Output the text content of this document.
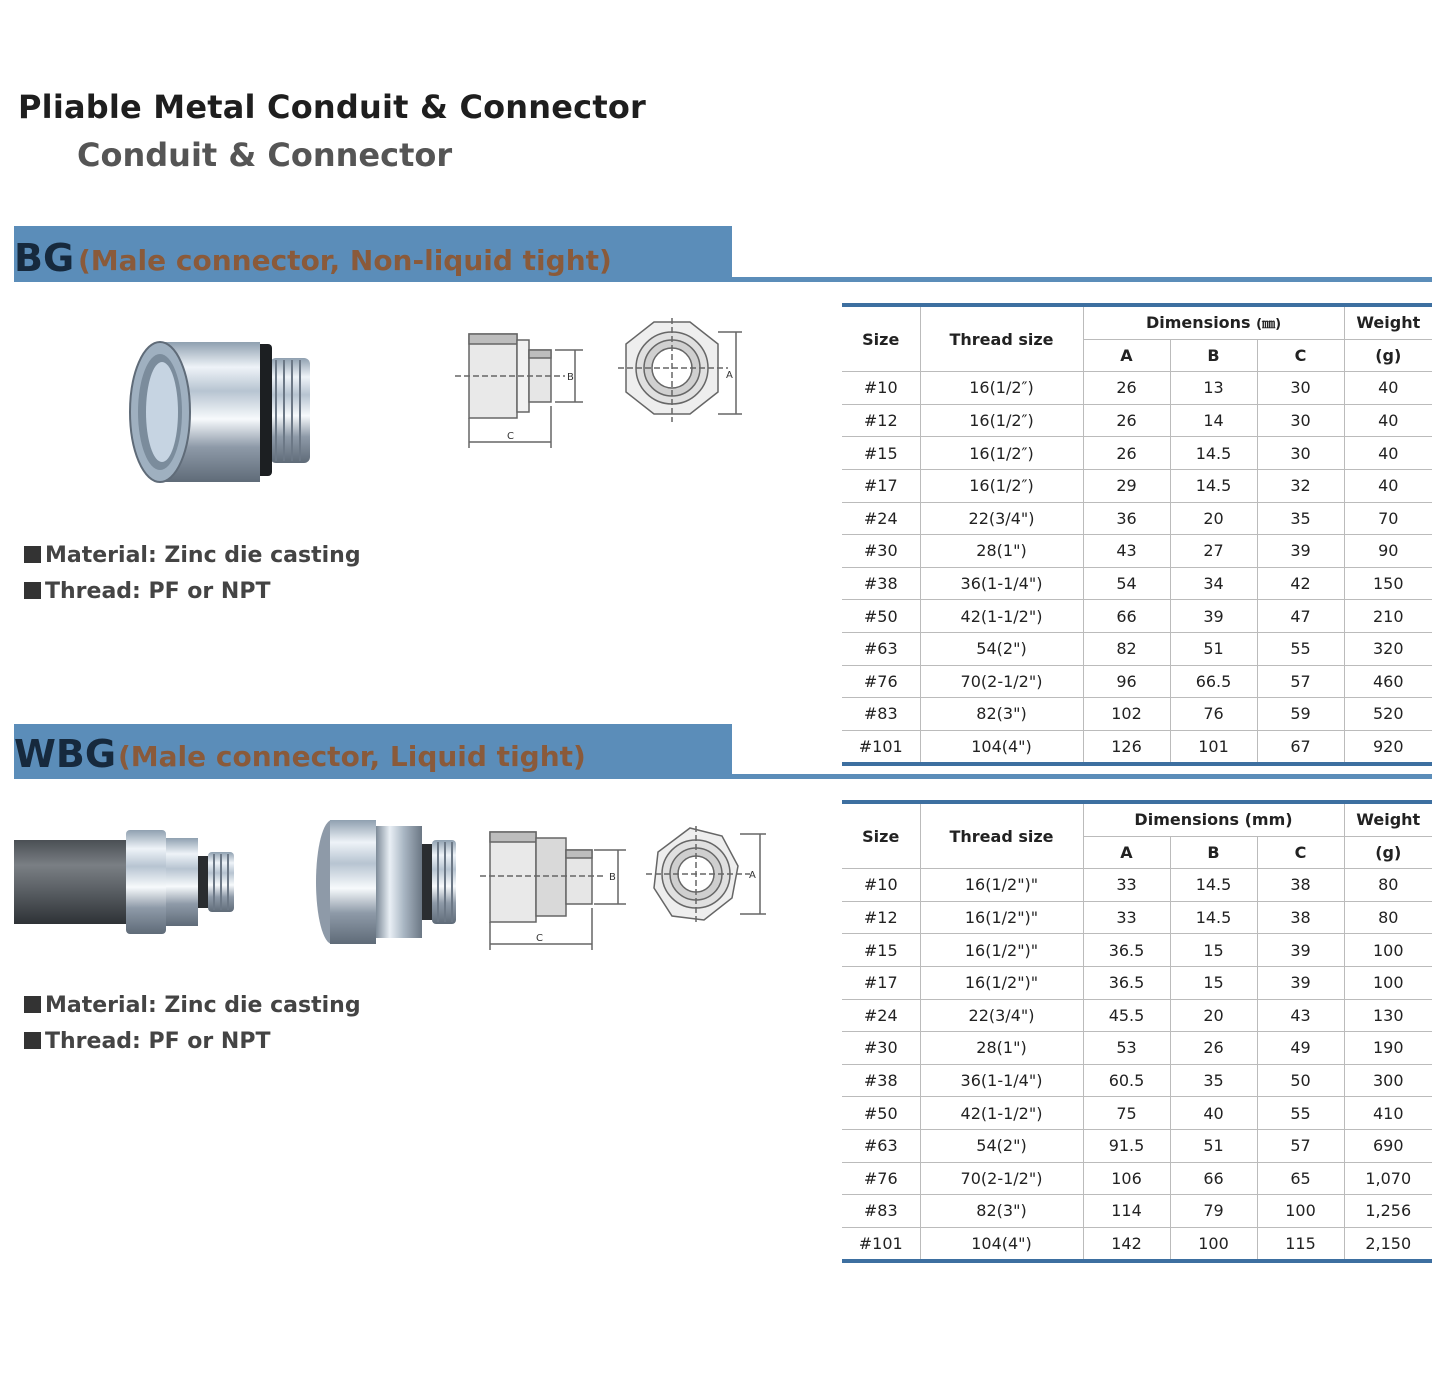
Pliable Metal Conduit & Connector
Conduit & Connector
BG (Male connector, Non-liquid tight)
B
C
A
Material: Zinc die casting
Thread: PF or NPT
Size	Thread size	Dimensions (㎜)			Weight
		A	B	C	(g)
#10	16(1/2″)	26	13	30	40
#12	16(1/2″)	26	14	30	40
#15	16(1/2″)	26	14.5	30	40
#17	16(1/2″)	29	14.5	32	40
#24	22(3/4")	36	20	35	70
#30	28(1")	43	27	39	90
#38	36(1-1/4")	54	34	42	150
#50	42(1-1/2")	66	39	47	210
#63	54(2")	82	51	55	320
#76	70(2-1/2")	96	66.5	57	460
#83	82(3")	102	76	59	520
#101	104(4")	126	101	67	920
WBG (Male connector, Liquid tight)
B
C
A
Material: Zinc die casting
Thread: PF or NPT
Size	Thread size	Dimensions (mm)			Weight
		A	B	C	(g)
#10	16(1/2")"	33	14.5	38	80
#12	16(1/2")"	33	14.5	38	80
#15	16(1/2")"	36.5	15	39	100
#17	16(1/2")"	36.5	15	39	100
#24	22(3/4")	45.5	20	43	130
#30	28(1")	53	26	49	190
#38	36(1-1/4")	60.5	35	50	300
#50	42(1-1/2")	75	40	55	410
#63	54(2")	91.5	51	57	690
#76	70(2-1/2")	106	66	65	1,070
#83	82(3")	114	79	100	1,256
#101	104(4")	142	100	115	2,150
